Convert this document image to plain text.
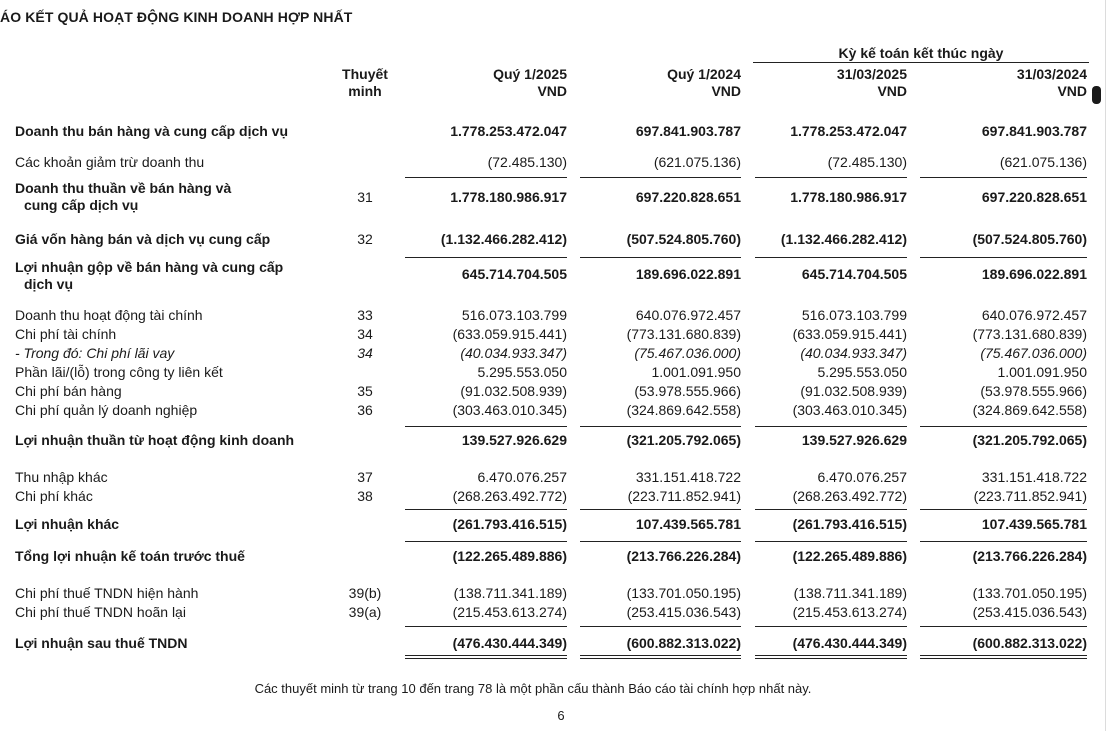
ÁO KẾT QUẢ HOẠT ĐỘNG KINH DOANH HỢP NHẤT
Thuyết
minh
Quý 1/2025
VND
Quý 1/2024
VND
Kỳ kế toán kết thúc ngày
31/03/2025
VND
31/03/2024
VND
Doanh thu bán hàng và cung cấp dịch vụ	1.778.253.472.047	697.841.903.787	1.778.253.472.047	697.841.903.787
Các khoản giảm trừ doanh thu	(72.485.130)	(621.075.136)	(72.485.130)	(621.075.136)
Doanh thu thuần về bán hàng và
cung cấp dịch vụ	31	1.778.180.986.917	697.220.828.651	1.778.180.986.917	697.220.828.651
Giá vốn hàng bán và dịch vụ cung cấp	32	(1.132.466.282.412)	(507.524.805.760)	(1.132.466.282.412)	(507.524.805.760)
Lợi nhuận gộp về bán hàng và cung cấp
dịch vụ
645.714.704.505	189.696.022.891	645.714.704.505	189.696.022.891
Doanh thu hoạt động tài chính	33	516.073.103.799	640.076.972.457	516.073.103.799	640.076.972.457
Chi phí tài chính	34	(633.059.915.441)	(773.131.680.839)	(633.059.915.441)	(773.131.680.839)
- Trong đó: Chi phí lãi vay	34	(40.034.933.347)	(75.467.036.000)	(40.034.933.347)	(75.467.036.000)
Phần lãi/(lỗ) trong công ty liên kết	5.295.553.050	1.001.091.950	5.295.553.050	1.001.091.950
Chi phí bán hàng	35	(91.032.508.939)	(53.978.555.966)	(91.032.508.939)	(53.978.555.966)
Chi phí quản lý doanh nghiệp	36	(303.463.010.345)	(324.869.642.558)	(303.463.010.345)	(324.869.642.558)
Lợi nhuận thuần từ hoạt động kinh doanh	139.527.926.629	(321.205.792.065)	139.527.926.629	(321.205.792.065)
Thu nhập khác	37	6.470.076.257	331.151.418.722	6.470.076.257	331.151.418.722
Chi phí khác	38	(268.263.492.772)	(223.711.852.941)	(268.263.492.772)	(223.711.852.941)
Lợi nhuận khác	(261.793.416.515)	107.439.565.781	(261.793.416.515)	107.439.565.781
Tổng lợi nhuận kế toán trước thuế	(122.265.489.886)	(213.766.226.284)	(122.265.489.886)	(213.766.226.284)
Chi phí thuế TNDN hiện hành	39(b)	(138.711.341.189)	(133.701.050.195)	(138.711.341.189)	(133.701.050.195)
Chi phí thuế TNDN hoãn lại	39(a)	(215.453.613.274)	(253.415.036.543)	(215.453.613.274)	(253.415.036.543)
Lợi nhuận sau thuế TNDN	(476.430.444.349)	(600.882.313.022)	(476.430.444.349)	(600.882.313.022)
Các thuyết minh từ trang 10 đến trang 78 là một phần cấu thành Báo cáo tài chính hợp nhất này.
6
